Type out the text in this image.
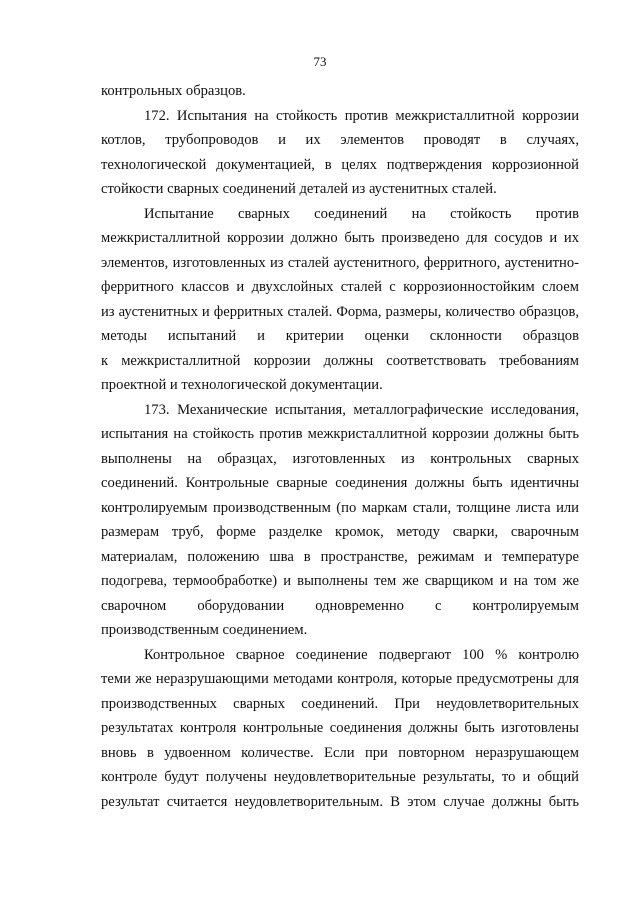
73
контрольных образцов.
172. Испытания на стойкость против межкристаллитной коррозии
котлов, трубопроводов и их элементов проводят в случаях,
технологической документацией, в целях подтверждения коррозионной
стойкости сварных соединений деталей из аустенитных сталей.
Испытание сварных соединений на стойкость против
межкристаллитной коррозии должно быть произведено для сосудов и их
элементов, изготовленных из сталей аустенитного, ферритного, аустенитно-
ферритного классов и двухслойных сталей с коррозионностойким слоем
из аустенитных и ферритных сталей. Форма, размеры, количество образцов,
методы испытаний и критерии оценки склонности образцов
к межкристаллитной коррозии должны соответствовать требованиям
проектной и технологической документации.
173. Механические испытания, металлографические исследования,
испытания на стойкость против межкристаллитной коррозии должны быть
выполнены на образцах, изготовленных из контрольных сварных
соединений. Контрольные сварные соединения должны быть идентичны
контролируемым производственным (по маркам стали, толщине листа или
размерам труб, форме разделке кромок, методу сварки, сварочным
материалам, положению шва в пространстве, режимам и температуре
подогрева, термообработке) и выполнены тем же сварщиком и на том же
сварочном оборудовании одновременно с контролируемым
производственным соединением.
Контрольное сварное соединение подвергают 100 % контролю
теми же неразрушающими методами контроля, которые предусмотрены для
производственных сварных соединений. При неудовлетворительных
результатах контроля контрольные соединения должны быть изготовлены
вновь в удвоенном количестве. Если при повторном неразрушающем
контроле будут получены неудовлетворительные результаты, то и общий
результат считается неудовлетворительным. В этом случае должны быть
